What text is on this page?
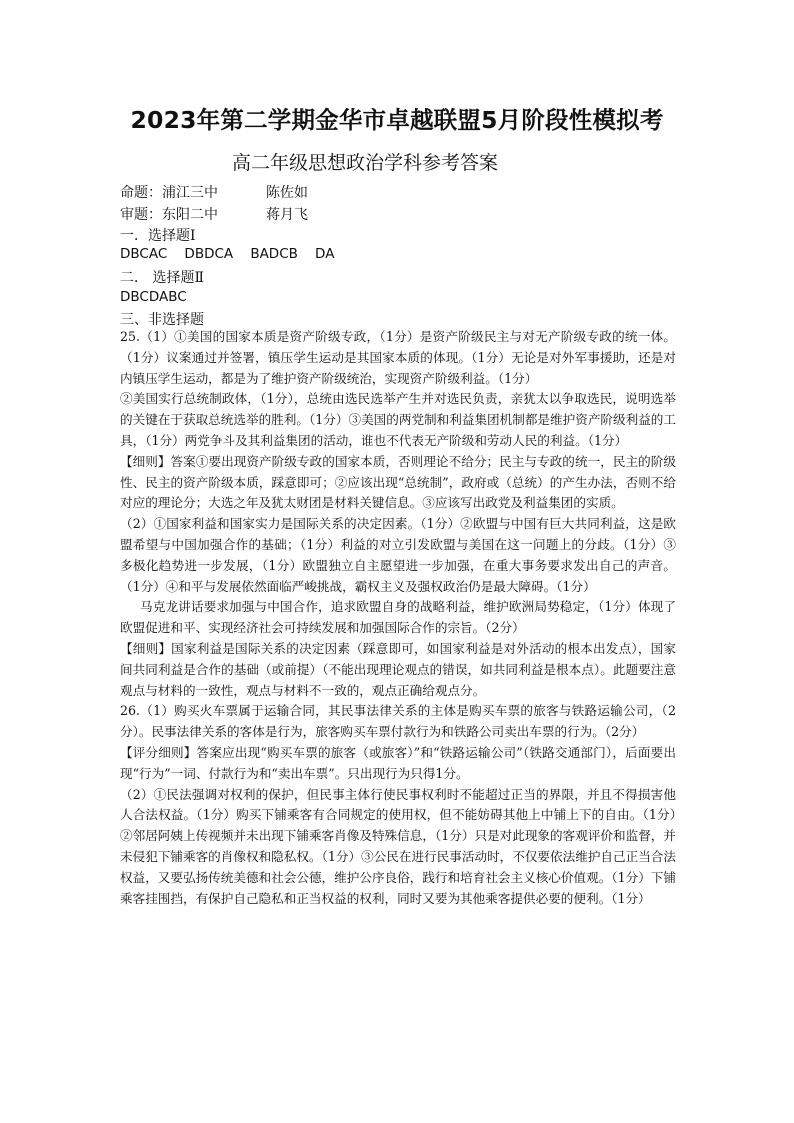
2023年第二学期金华市卓越联盟5月阶段性模拟考
高二年级思想政治学科参考答案
命题：浦江三中	陈佐如
审题：东阳二中	蒋月飞
一．选择题Ⅰ
DBCAC    DBDCA    BADCB    DA
二． 选择题Ⅱ
DBCDABC
三、非选择题

25.（1）①美国的国家本质是资产阶级专政，（1分）是资产阶级民主与对无产阶级专政的统一体。（1分）议案通过并签署，镇压学生运动是其国家本质的体现。（1分）无论是对外军事援助，还是对内镇压学生运动，都是为了维护资产阶级统治，实现资产阶级利益。（1分）

②美国实行总统制政体，（1分），总统由选民选举产生并对选民负责，亲犹太以争取选民，说明选举的关键在于获取总统选举的胜利。（1分）③美国的两党制和利益集团机制都是维护资产阶级利益的工具，（1分）两党争斗及其利益集团的活动，谁也不代表无产阶级和劳动人民的利益。（1分）

【细则】答案①要出现资产阶级专政的国家本质，否则理论不给分；民主与专政的统一，民主的阶级性、民主的资产阶级本质，踩意即可；②应该出现“总统制”，政府或（总统）的产生办法，否则不给对应的理论分；大选之年及犹太财团是材料关键信息。③应该写出政党及利益集团的实质。

（2）①国家利益和国家实力是国际关系的决定因素。（1分）②欧盟与中国有巨大共同利益，这是欧盟希望与中国加强合作的基础；（1分）利益的对立引发欧盟与美国在这一问题上的分歧。（1分）③多极化趋势进一步发展，（1分）欧盟独立自主愿望进一步加强，在重大事务要求发出自己的声音。（1分）④和平与发展依然面临严峻挑战，霸权主义及强权政治仍是最大障碍。（1分）

马克龙讲话要求加强与中国合作，追求欧盟自身的战略利益，维护欧洲局势稳定，（1分）体现了欧盟促进和平、实现经济社会可持续发展和加强国际合作的宗旨。（2分）

【细则】国家利益是国际关系的决定因素（踩意即可，如国家利益是对外活动的根本出发点），国家间共同利益是合作的基础（或前提）（不能出现理论观点的错误，如共同利益是根本点）。此题要注意观点与材料的一致性，观点与材料不一致的，观点正确给观点分。

26.（1）购买火车票属于运输合同，其民事法律关系的主体是购买车票的旅客与铁路运输公司，（2分）。民事法律关系的客体是行为，旅客购买车票付款行为和铁路公司卖出车票的行为。（2分）

【评分细则】答案应出现“购买车票的旅客（或旅客）”和“铁路运输公司”（铁路交通部门），后面要出现“行为”一词、付款行为和“卖出车票”。只出现行为只得1分。

（2）①民法强调对权利的保护，但民事主体行使民事权利时不能超过正当的界限，并且不得损害他人合法权益。（1分）购买下铺乘客有合同规定的使用权，但不能妨碍其他上中铺上下的自由。（1分）②邻居阿姨上传视频并未出现下铺乘客肖像及特殊信息，（1分）只是对此现象的客观评价和监督，并未侵犯下铺乘客的肖像权和隐私权。（1分）③公民在进行民事活动时，不仅要依法维护自己正当合法权益，又要弘扬传统美德和社会公德，维护公序良俗，践行和培育社会主义核心价值观。（1分）下铺乘客挂围挡，有保护自己隐私和正当权益的权利，同时又要为其他乘客提供必要的便利。（1分）
